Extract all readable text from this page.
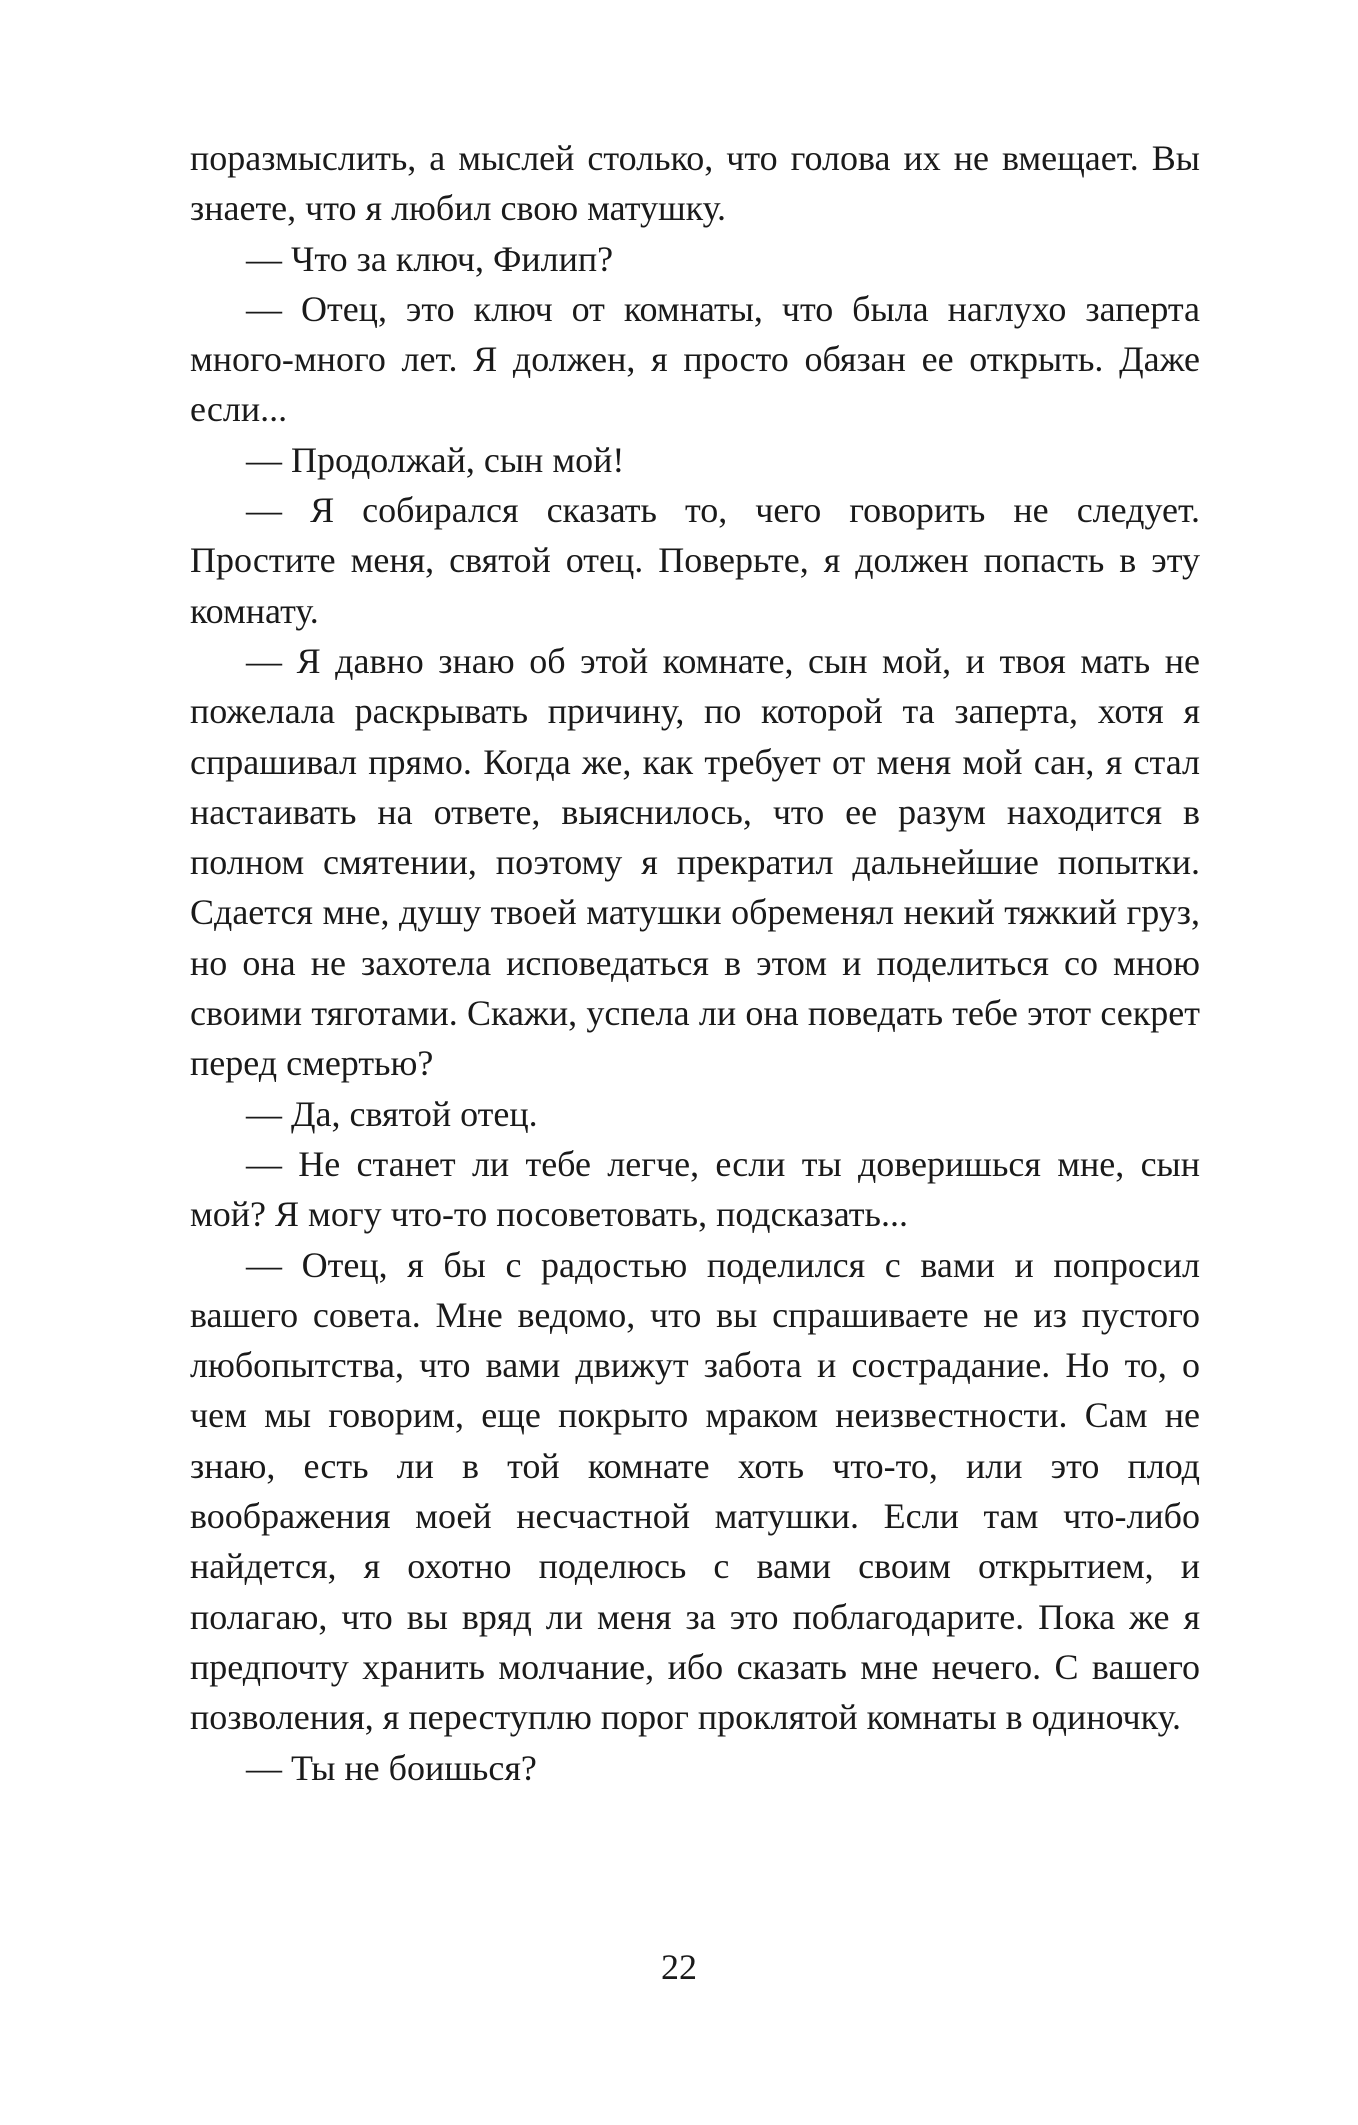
поразмыслить, а мыслей столько, что голова их не вмещает. Вы знаете, что я любил свою матушку.

— Что за ключ, Филип?

— Отец, это ключ от комнаты, что была наглухо заперта много-много лет. Я должен, я просто обязан ее открыть. Даже если...

— Продолжай, сын мой!

— Я собирался сказать то, чего говорить не следует. Простите меня, святой отец. Поверьте, я должен попасть в эту комнату.

— Я давно знаю об этой комнате, сын мой, и твоя мать не пожелала раскрывать причину, по которой та заперта, хотя я спрашивал прямо. Когда же, как требует от меня мой сан, я стал настаивать на ответе, выяснилось, что ее разум находится в полном смятении, поэтому я прекратил дальнейшие попытки. Сдается мне, душу твоей матушки обременял некий тяжкий груз, но она не захотела исповедаться в этом и поделиться со мною своими тяготами. Скажи, успела ли она поведать тебе этот секрет перед смертью?

— Да, святой отец.

— Не станет ли тебе легче, если ты доверишься мне, сын мой? Я могу что-то посоветовать, подсказать...

— Отец, я бы с радостью поделился с вами и попросил вашего совета. Мне ведомо, что вы спрашиваете не из пустого любопытства, что вами движут забота и сострадание. Но то, о чем мы говорим, еще покрыто мраком неизвестности. Сам не знаю, есть ли в той комнате хоть что-то, или это плод воображения моей несчастной матушки. Если там что-либо найдется, я охотно поделюсь с вами своим открытием, и полагаю, что вы вряд ли меня за это поблагодарите. Пока же я предпочту хранить молчание, ибо сказать мне нечего. С вашего позволения, я переступлю порог проклятой комнаты в одиночку.

— Ты не боишься?

22
